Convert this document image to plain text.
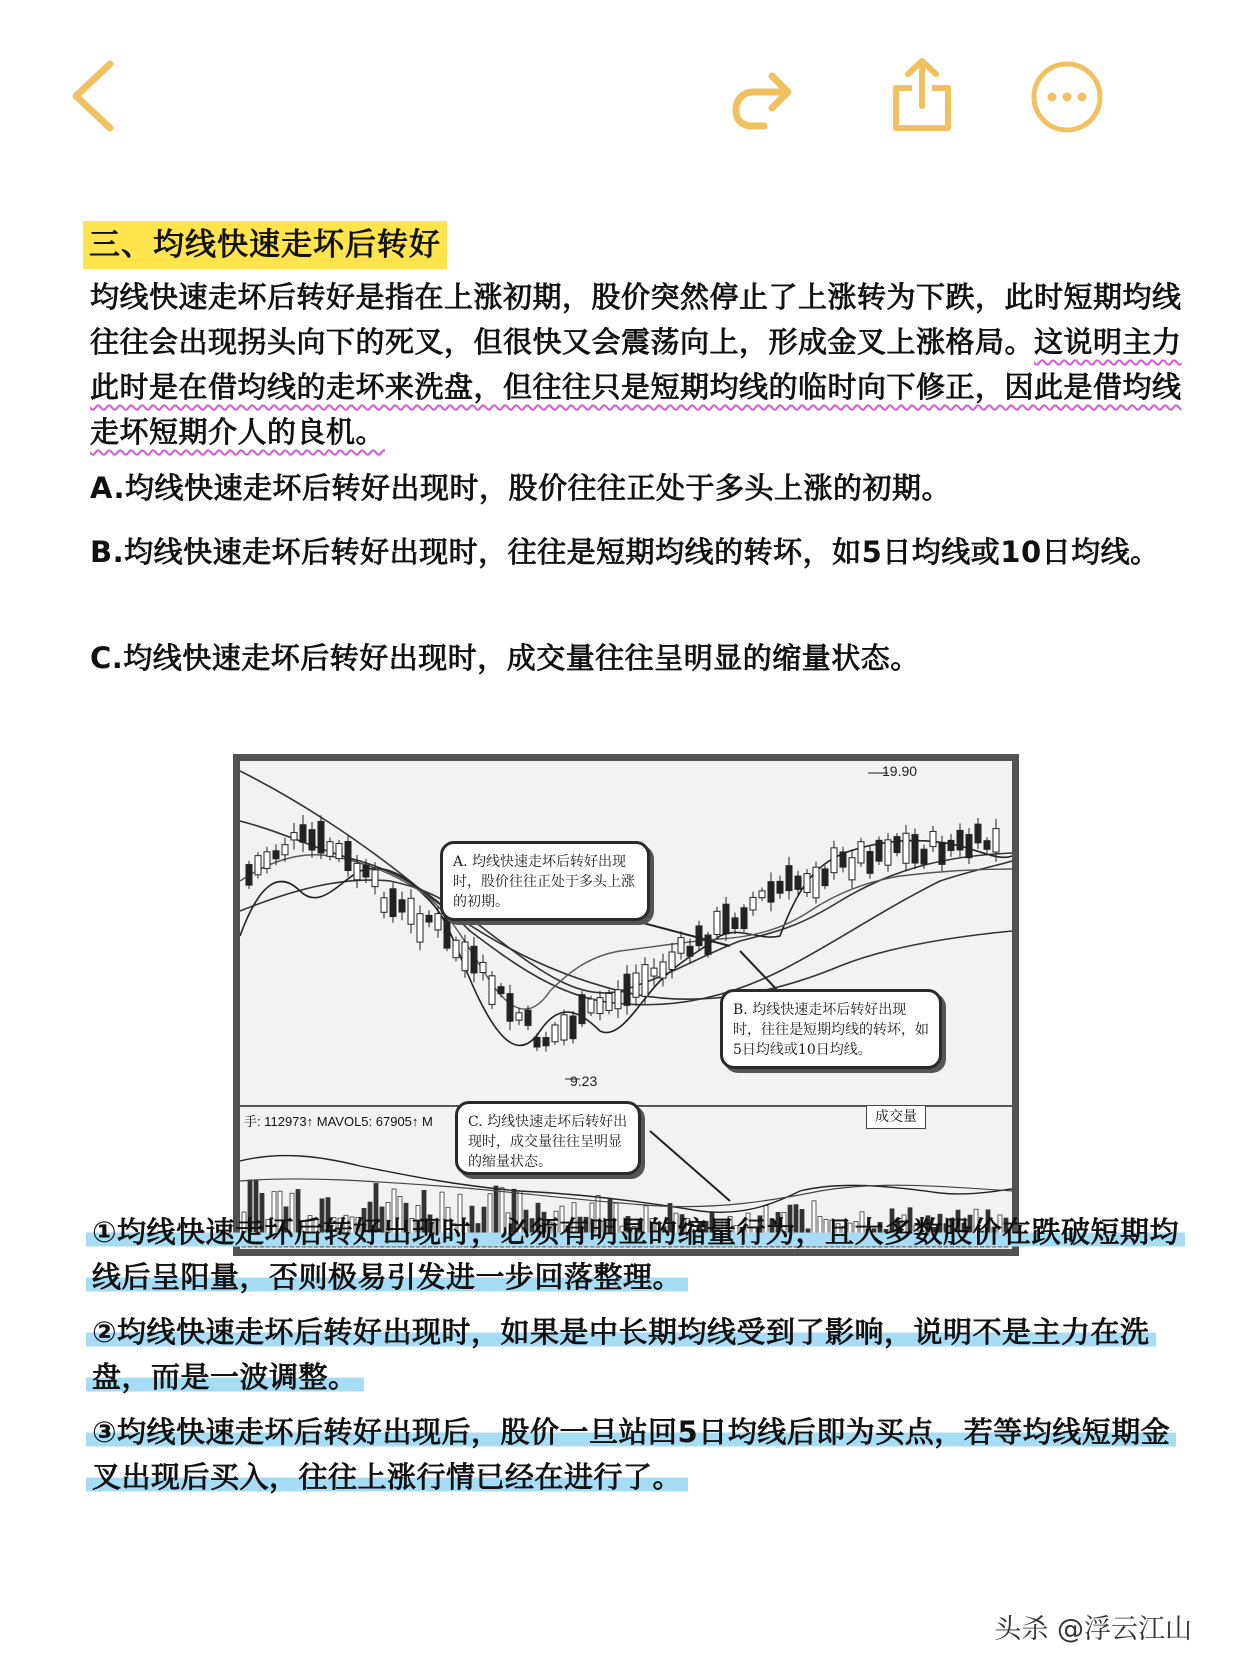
三、均线快速走坏后转好

均线快速走坏后转好是指在上涨初期，股价突然停止了上涨转为下跌，此时短期均线往往会出现拐头向下的死叉，但很快又会震荡向上，形成金叉上涨格局。这说明主力此时是在借均线的走坏来洗盘，但往往只是短期均线的临时向下修正，因此是借均线走坏短期介人的良机。

A.均线快速走坏后转好出现时，股价往往正处于多头上涨的初期。

B.均线快速走坏后转好出现时，往往是短期均线的转坏，如5日均线或10日均线。

C.均线快速走坏后转好出现时，成交量往往呈明显的缩量状态。

A. 均线快速走坏后转好出现时，股价往往正处于多头上涨的初期。
B. 均线快速走坏后转好出现时，往往是短期均线的转坏，如5日均线或10日均线。
C. 均线快速走坏后转好出现时，成交量往往呈明显的缩量状态。
19.90
9.23
手: 112973↑ MAVOL5: 67905↑ M	成交量

①均线快速走坏后转好出现时，必须有明显的缩量行为，且大多数股价在跌破短期均线后呈阳量，否则极易引发进一步回落整理。

②均线快速走坏后转好出现时，如果是中长期均线受到了影响，说明不是主力在洗盘，而是一波调整。

③均线快速走坏后转好出现后，股价一旦站回5日均线后即为买点，若等均线短期金叉出现后买入，往往上涨行情已经在进行了。

头杀 @浮云江山
